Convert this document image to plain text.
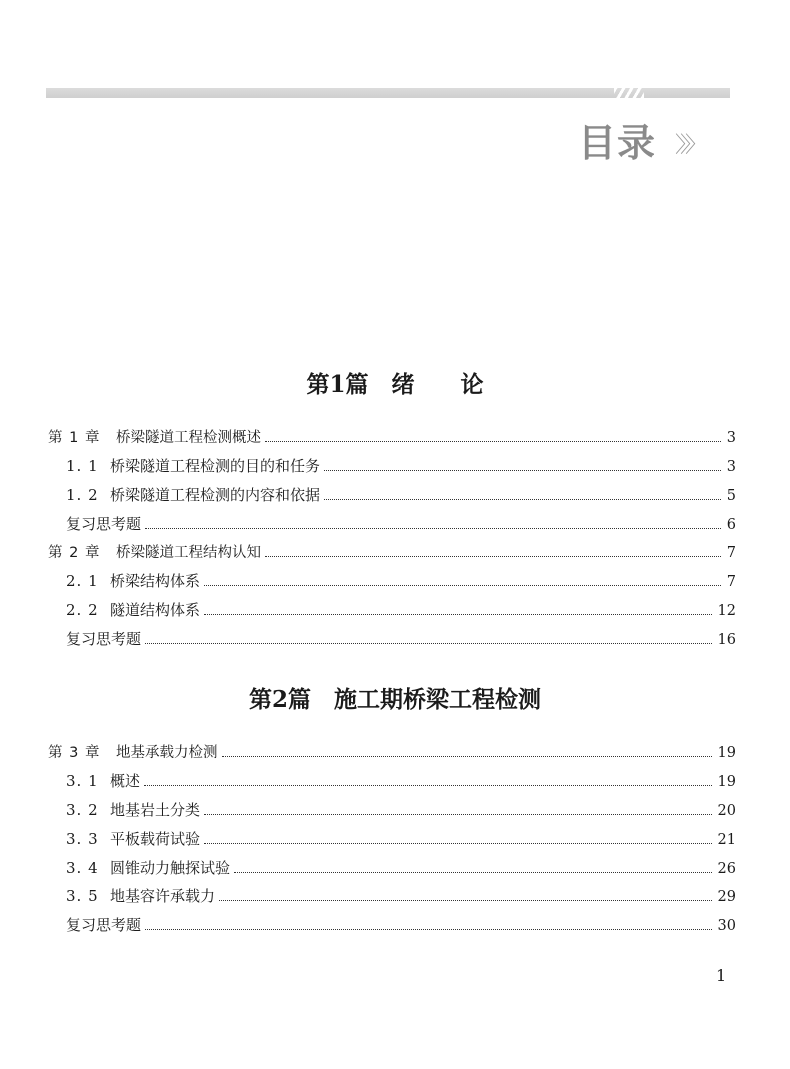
目录 〉〉〉
第1篇　绪　　论
第 1 章	桥梁隧道工程检测概述	3
1. 1 桥梁隧道工程检测的目的和任务	3
1. 2 桥梁隧道工程检测的内容和依据	5
复习思考题	6
第 2 章	桥梁隧道工程结构认知	7
2. 1 桥梁结构体系	7
2. 2 隧道结构体系	12
复习思考题	16
第2篇　施工期桥梁工程检测
第 3 章	地基承载力检测	19
3. 1 概述	19
3. 2 地基岩土分类	20
3. 3 平板载荷试验	21
3. 4 圆锥动力触探试验	26
3. 5 地基容许承载力	29
复习思考题	30
1
